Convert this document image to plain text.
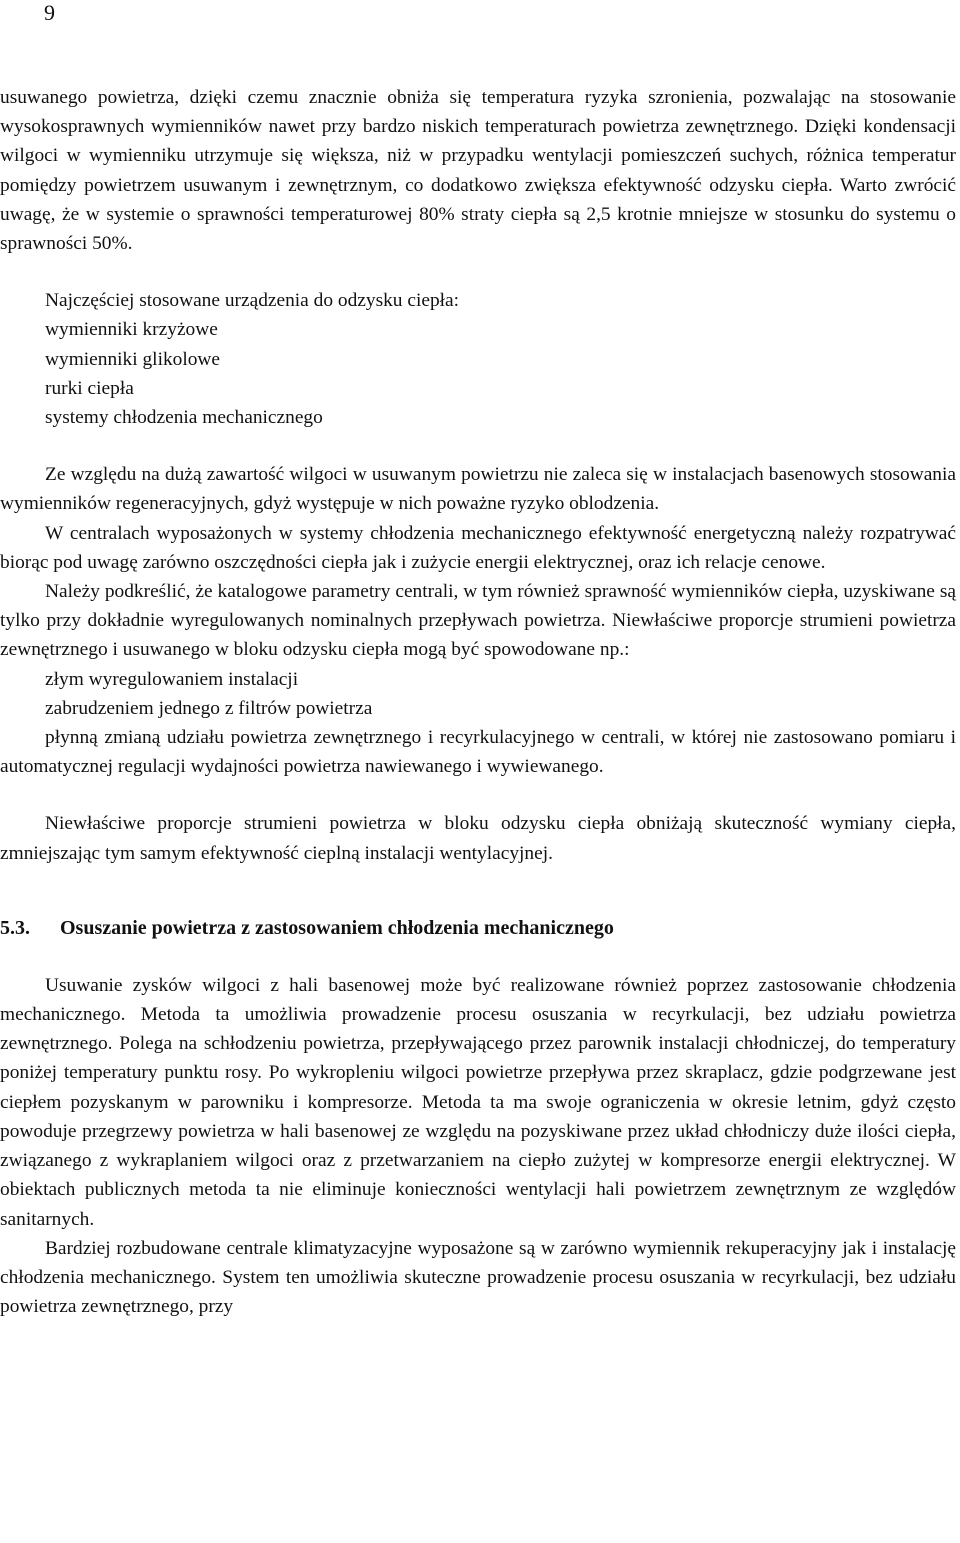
9

usuwanego powietrza, dzięki czemu znacznie obniża się temperatura ryzyka szronienia, pozwalając na stosowanie wysokosprawnych wymienników nawet przy bardzo niskich temperaturach powietrza zewnętrznego. Dzięki kondensacji wilgoci w wymienniku utrzymuje się większa, niż w przypadku wentylacji pomieszczeń suchych, różnica temperatur pomiędzy powietrzem usuwanym i zewnętrznym, co dodatkowo zwiększa efektywność odzysku ciepła. Warto zwrócić uwagę, że w systemie o sprawności temperaturowej 80% straty ciepła są 2,5 krotnie mniejsze w stosunku do systemu o sprawności 50%.

Najczęściej stosowane urządzenia do odzysku ciepła:

wymienniki krzyżowe

wymienniki glikolowe

rurki ciepła

systemy chłodzenia mechanicznego

Ze względu na dużą zawartość wilgoci w usuwanym powietrzu nie zaleca się w instalacjach basenowych stosowania wymienników regeneracyjnych, gdyż występuje w nich poważne ryzyko oblodzenia.

W centralach wyposażonych w systemy chłodzenia mechanicznego efektywność energetyczną należy rozpatrywać biorąc pod uwagę zarówno oszczędności ciepła jak i zużycie energii elektrycznej, oraz ich relacje cenowe.

Należy podkreślić, że katalogowe parametry centrali, w tym również sprawność wymienników ciepła, uzyskiwane są tylko przy dokładnie wyregulowanych nominalnych przepływach powietrza. Niewłaściwe proporcje strumieni powietrza zewnętrznego i usuwanego w bloku odzysku ciepła mogą być spowodowane np.:

złym wyregulowaniem instalacji

zabrudzeniem jednego z filtrów powietrza

płynną zmianą udziału powietrza zewnętrznego i recyrkulacyjnego w centrali, w której nie zastosowano pomiaru i automatycznej regulacji wydajności powietrza nawiewanego i wywiewanego.

Niewłaściwe proporcje strumieni powietrza w bloku odzysku ciepła obniżają skuteczność wymiany ciepła, zmniejszając tym samym efektywność cieplną instalacji wentylacyjnej.

5.3. Osuszanie powietrza z zastosowaniem chłodzenia mechanicznego

Usuwanie zysków wilgoci z hali basenowej może być realizowane również poprzez zastosowanie chłodzenia mechanicznego. Metoda ta umożliwia prowadzenie procesu osuszania w recyrkulacji, bez udziału powietrza zewnętrznego. Polega na schłodzeniu powietrza, przepływającego przez parownik instalacji chłodniczej, do temperatury poniżej temperatury punktu rosy. Po wykropleniu wilgoci powietrze przepływa przez skraplacz, gdzie podgrzewane jest ciepłem pozyskanym w parowniku i kompresorze. Metoda ta ma swoje ograniczenia w okresie letnim, gdyż często powoduje przegrzewy powietrza w hali basenowej ze względu na pozyskiwane przez układ chłodniczy duże ilości ciepła, związanego z wykraplaniem wilgoci oraz z przetwarzaniem na ciepło zużytej w kompresorze energii elektrycznej. W obiektach publicznych metoda ta nie eliminuje konieczności wentylacji hali powietrzem zewnętrznym ze względów sanitarnych.

Bardziej rozbudowane centrale klimatyzacyjne wyposażone są w zarówno wymiennik rekuperacyjny jak i instalację chłodzenia mechanicznego. System ten umożliwia skuteczne prowadzenie procesu osuszania w recyrkulacji, bez udziału powietrza zewnętrznego, przy
